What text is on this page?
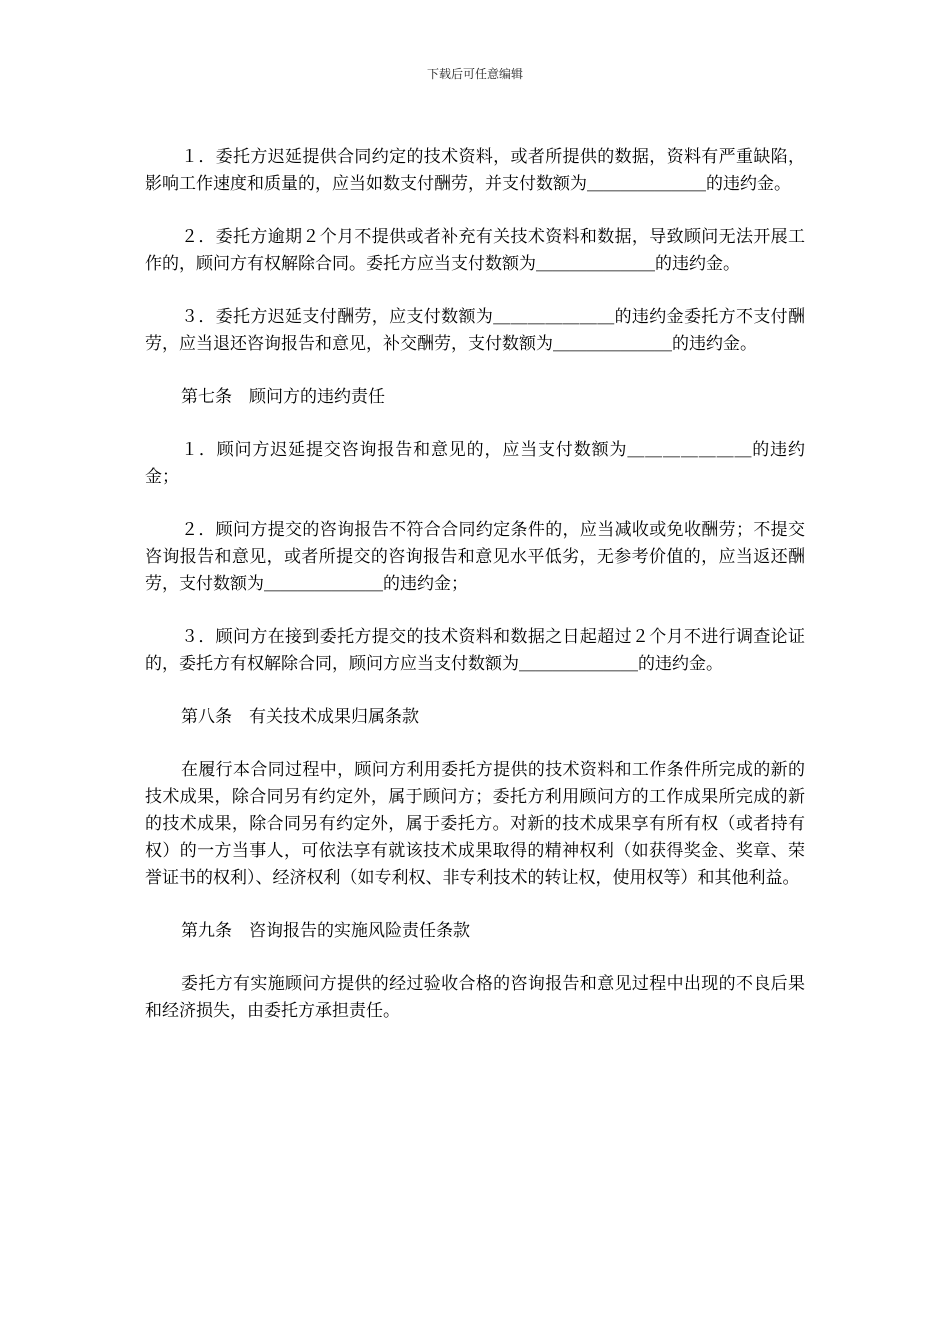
下载后可任意编辑

１．委托方迟延提供合同约定的技术资料，或者所提供的数据，资料有严重缺陷，影响工作速度和质量的，应当如数支付酬劳，并支付数额为＿＿＿＿＿＿＿的违约金。

２．委托方逾期２个月不提供或者补充有关技术资料和数据，导致顾问无法开展工作的，顾问方有权解除合同。委托方应当支付数额为＿＿＿＿＿＿＿的违约金。

３．委托方迟延支付酬劳，应支付数额为＿＿＿＿＿＿＿的违约金委托方不支付酬劳，应当退还咨询报告和意见，补交酬劳，支付数额为＿＿＿＿＿＿＿的违约金。

第七条　顾问方的违约责任

１．顾问方迟延提交咨询报告和意见的，应当支付数额为＿＿＿＿＿＿＿的违约金；

２．顾问方提交的咨询报告不符合合同约定条件的，应当减收或免收酬劳；不提交咨询报告和意见，或者所提交的咨询报告和意见水平低劣，无参考价值的，应当返还酬劳，支付数额为＿＿＿＿＿＿＿的违约金；

３．顾问方在接到委托方提交的技术资料和数据之日起超过２个月不进行调查论证的，委托方有权解除合同，顾问方应当支付数额为＿＿＿＿＿＿＿的违约金。

第八条　有关技术成果归属条款

在履行本合同过程中，顾问方利用委托方提供的技术资料和工作条件所完成的新的技术成果，除合同另有约定外，属于顾问方；委托方利用顾问方的工作成果所完成的新的技术成果，除合同另有约定外，属于委托方。对新的技术成果享有所有权（或者持有权）的一方当事人，可依法享有就该技术成果取得的精神权利（如获得奖金、奖章、荣誉证书的权利）、经济权利（如专利权、非专利技术的转让权，使用权等）和其他利益。

第九条　咨询报告的实施风险责任条款

委托方有实施顾问方提供的经过验收合格的咨询报告和意见过程中出现的不良后果和经济损失，由委托方承担责任。
